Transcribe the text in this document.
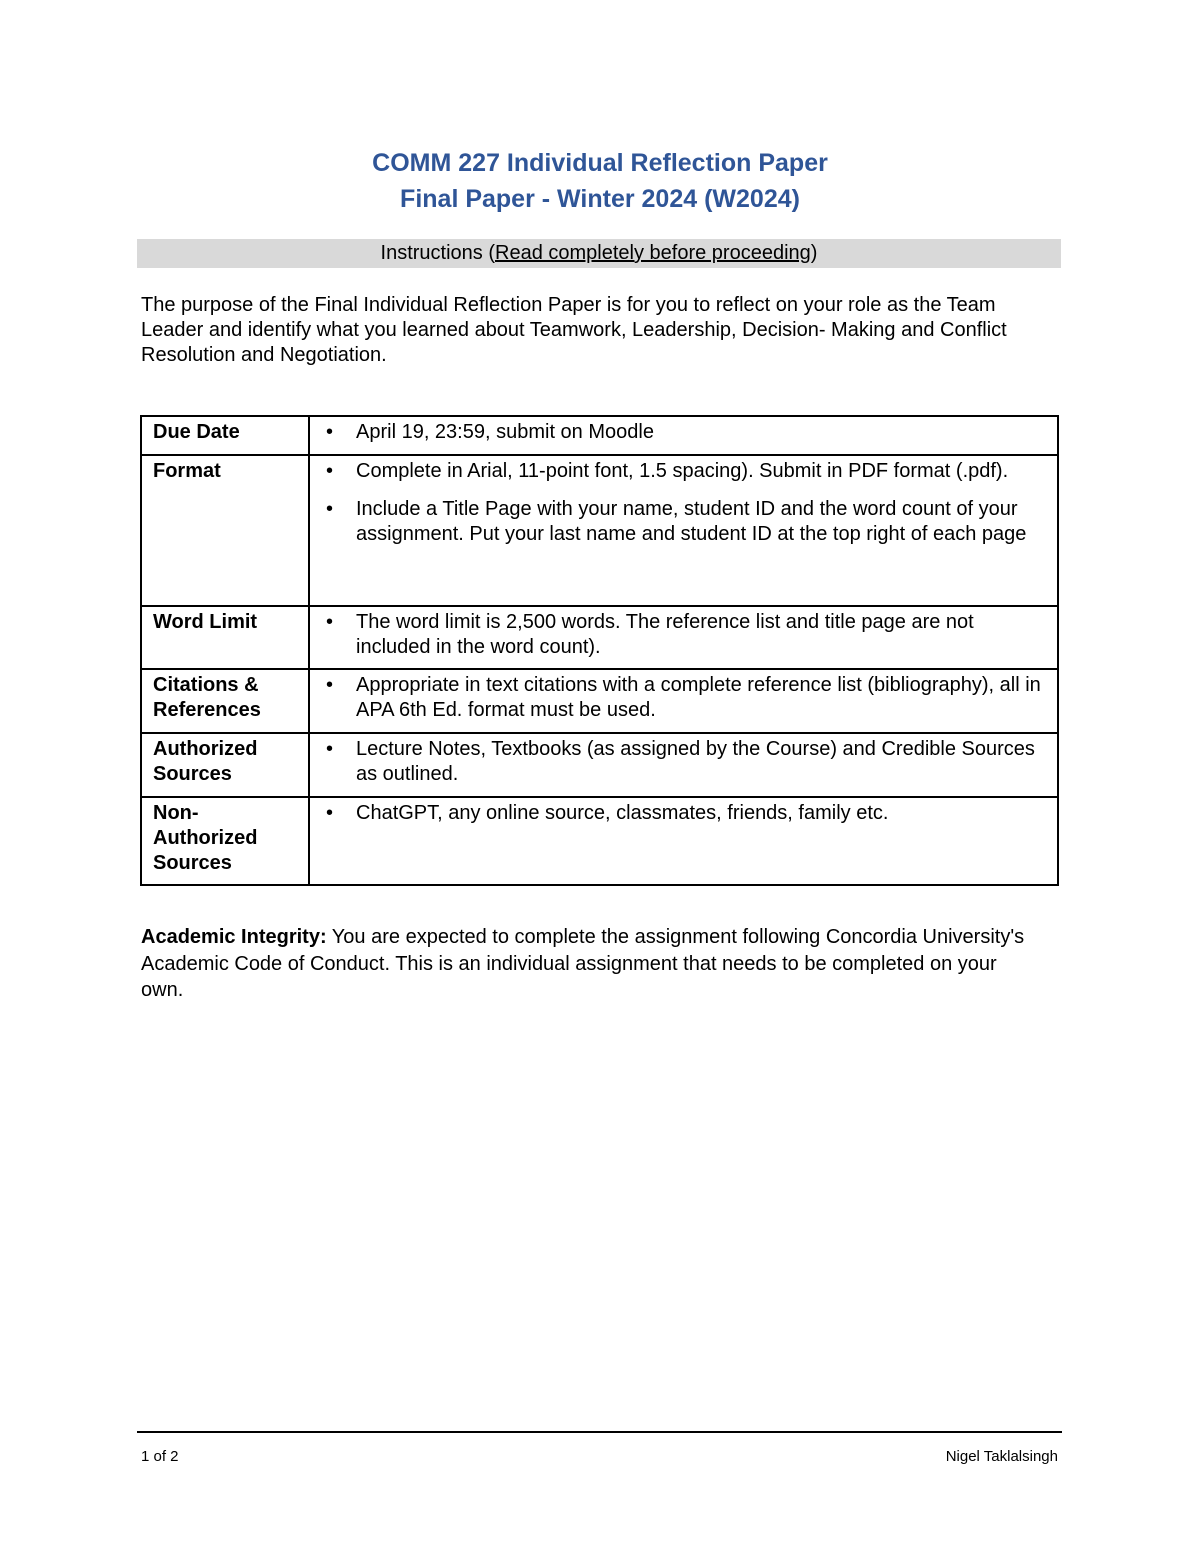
COMM 227 Individual Reflection Paper
Final Paper - Winter 2024 (W2024)
Instructions (Read completely before proceeding)

The purpose of the Final Individual Reflection Paper is for you to reflect on your role as the Team Leader and identify what you learned about Teamwork, Leadership, Decision- Making and Conflict Resolution and Negotiation.

Due Date	• April 19, 23:59, submit on Moodle

Format	• Complete in Arial, 11-point font, 1.5 spacing). Submit in PDF format (.pdf).
• Include a Title Page with your name, student ID and the word count of your assignment. Put your last name and student ID at the top right of each page

Word Limit	• The word limit is 2,500 words. The reference list and title page are not included in the word count).

Citations & References	• Appropriate in text citations with a complete reference list (bibliography), all in APA 6th Ed. format must be used.

Authorized Sources	• Lecture Notes, Textbooks (as assigned by the Course) and Credible Sources as outlined.

Non-Authorized Sources	• ChatGPT, any online source, classmates, friends, family etc.

Academic Integrity: You are expected to complete the assignment following Concordia University's Academic Code of Conduct. This is an individual assignment that needs to be completed on your own.

1 of 2	Nigel Taklalsingh
